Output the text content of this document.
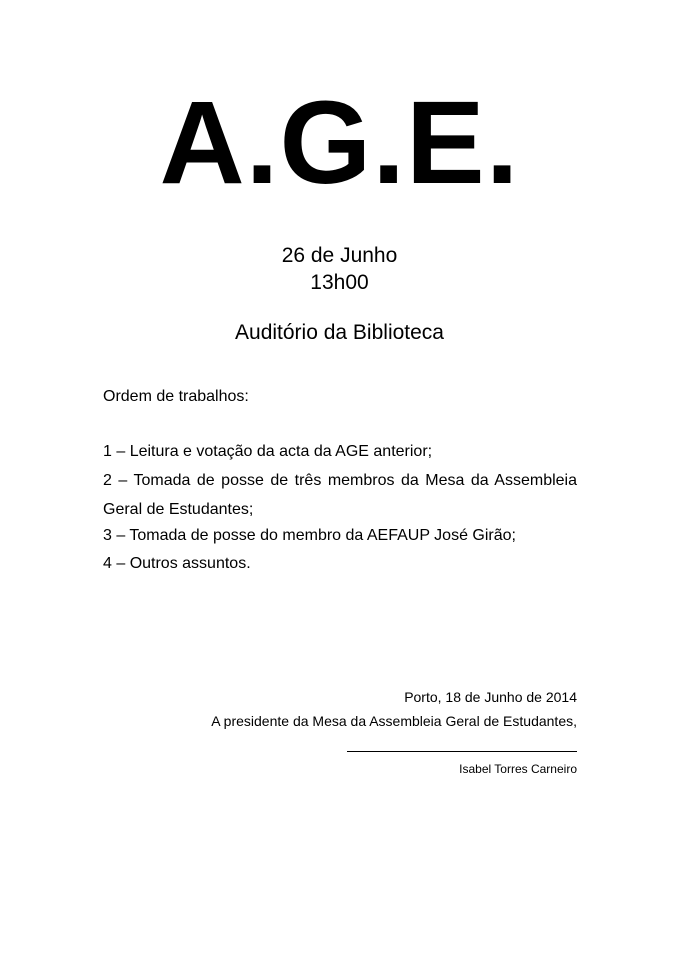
A.G.E.
26 de Junho
13h00
Auditório da Biblioteca
Ordem de trabalhos:
1 – Leitura e votação da acta da AGE anterior;
2 – Tomada de posse de três membros da Mesa da Assembleia Geral de Estudantes;
3 – Tomada de posse do membro da AEFAUP José Girão;
4 – Outros assuntos.
Porto, 18 de Junho de 2014
A presidente da Mesa da Assembleia Geral de Estudantes,
Isabel Torres Carneiro
